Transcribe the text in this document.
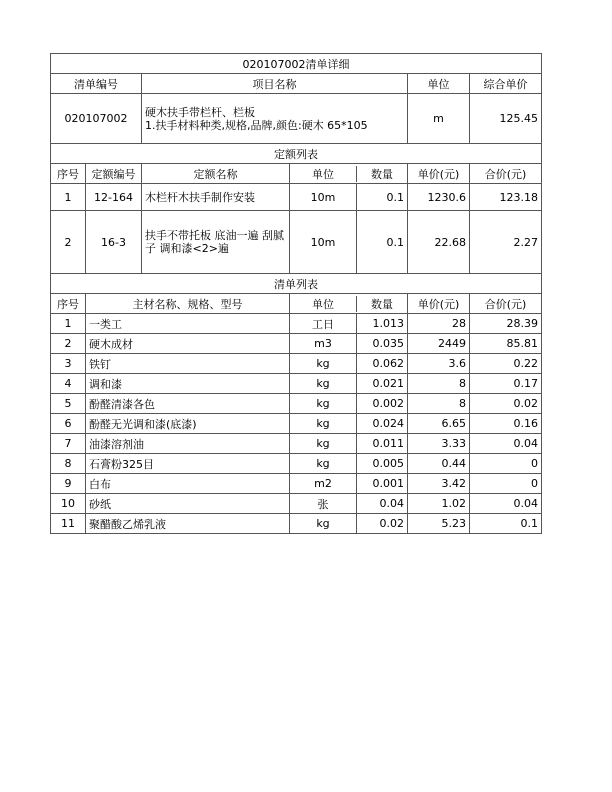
020107002清单详细					
清单编号		项目名称		单位	综合单价
020107002		硬木扶手带栏杆、栏板
1.扶手材料种类,规格,品牌,颜色:硬木 65*105		m	125.45
定额列表					
序号	定额编号	定额名称	单位 数量	单价(元)	合价(元)
1	12-164	木栏杆木扶手制作安装	10m 0.1	1230.6	123.18
2	16-3	扶手不带托板 底油一遍 刮腻子 调和漆<2>遍	10m 0.1	22.68	2.27
清单列表					
序号	主材名称、规格、型号		单位 数量	单价(元)	合价(元)
1	一类工		工日 1.013	28	28.39
2	硬木成材		m3 0.035	2449	85.81
3	铁钉		kg 0.062	3.6	0.22
4	调和漆		kg 0.021	8	0.17
5	酚醛清漆各色		kg 0.002	8	0.02
6	酚醛无光调和漆(底漆)		kg 0.024	6.65	0.16
7	油漆溶剂油		kg 0.011	3.33	0.04
8	石膏粉325目		kg 0.005	0.44	0
9	白布		m2 0.001	3.42	0
10	砂纸		张 0.04	1.02	0.04
11	聚醋酸乙烯乳液		kg 0.02	5.23	0.1
